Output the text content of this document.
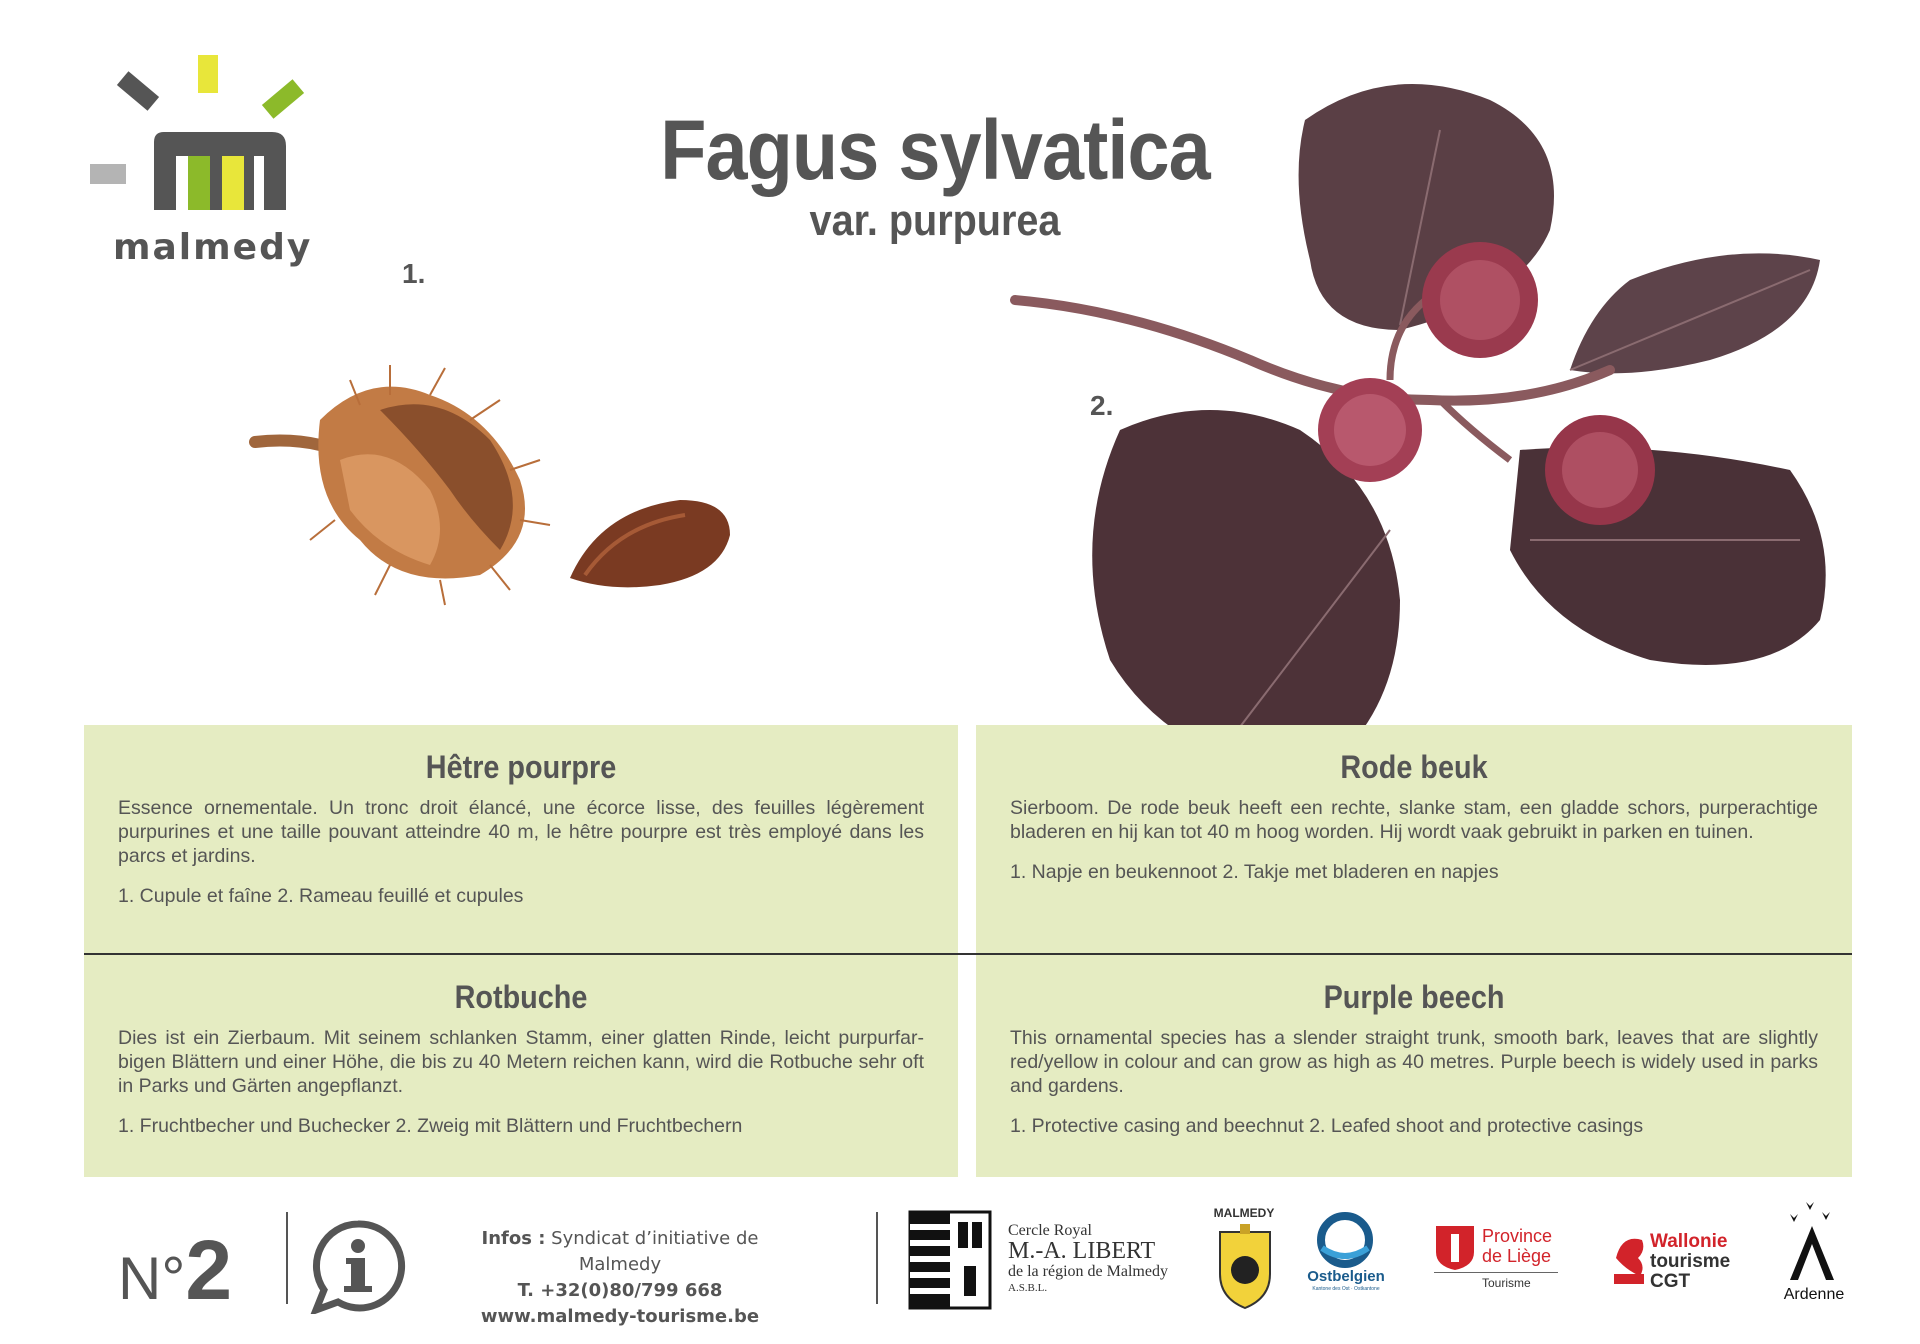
malmedy
Fagus sylvatica
var. purpurea
1.
2.
Hêtre pourpre

Essence ornementale. Un tronc droit élancé, une écorce lisse, des feuilles légèrement purpurines et une taille pouvant atteindre 40 m, le hêtre pourpre est très employé dans les parcs et jardins.

1. Cupule et faîne 2. Rameau feuillé et cupules

Rode beuk

Sierboom. De rode beuk heeft een rechte, slanke stam, een gladde schors, purperachtige bladeren en hij kan tot 40 m hoog worden. Hij wordt vaak gebruikt in parken en tuinen.

1. Napje en beukennoot 2. Takje met bladeren en napjes

Rotbuche

Dies ist ein Zierbaum. Mit seinem schlanken Stamm, einer glatten Rinde, leicht purpurfar-bigen Blättern und einer Höhe, die bis zu 40 Metern reichen kann, wird die Rotbuche sehr oft in Parks und Gärten angepflanzt.

1. Fruchtbecher und Buchecker 2. Zweig mit Blättern und Fruchtbechern

Purple beech

This ornamental species has a slender straight trunk, smooth bark, leaves that are slightly red/yellow in colour and can grow as high as 40 metres. Purple beech is widely used in parks and gardens.

1. Protective casing and beechnut 2. Leafed shoot and protective casings

N°2	Infos : Syndicat d’initiative de Malmedy
T. +32(0)80/799 668
www.malmedy-tourisme.be
Cercle Royal
M.-A. LIBERT
de la région de Malmedy
A.S.B.L.
MALMEDY
Ostbelgien
Kantone des Ost · Ostkantone
Province
de Liège
Tourisme
Wallonie
tourisme
CGT
Ardenne
